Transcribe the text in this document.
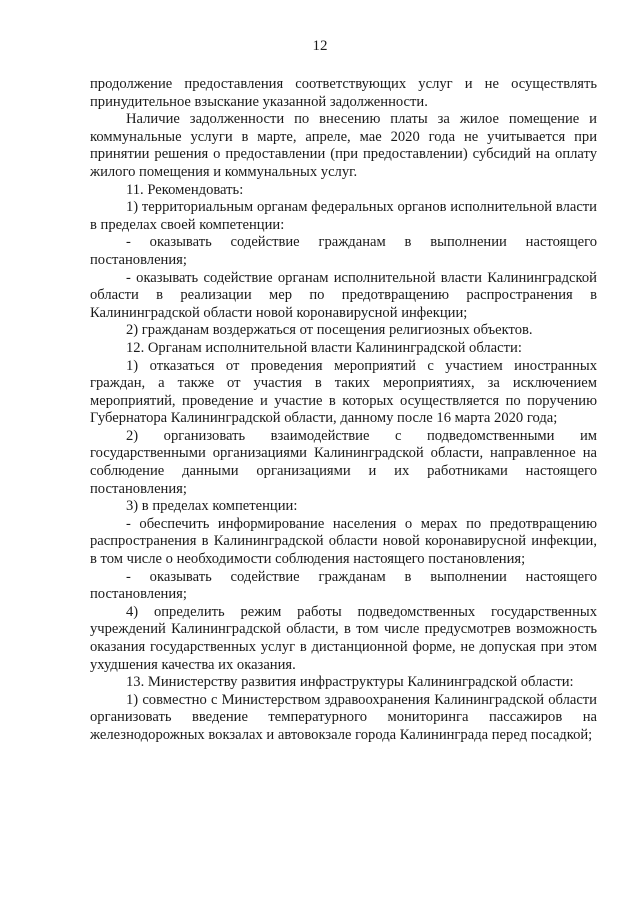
12

продолжение предоставления соответствующих услуг и не осуществлять принудительное взыскание указанной задолженности.

Наличие задолженности по внесению платы за жилое помещение и коммунальные услуги в марте, апреле, мае 2020 года не учитывается при принятии решения о предоставлении (при предоставлении) субсидий на оплату жилого помещения и коммунальных услуг.

11. Рекомендовать:

1) территориальным органам федеральных органов исполнительной власти в пределах своей компетенции:

- оказывать содействие гражданам в выполнении настоящего постановления;

- оказывать содействие органам исполнительной власти Калининградской области в реализации мер по предотвращению распространения в Калининградской области новой коронавирусной инфекции;

2) гражданам воздержаться от посещения религиозных объектов.

12. Органам исполнительной власти Калининградской области:

1) отказаться от проведения мероприятий с участием иностранных граждан, а также от участия в таких мероприятиях, за исключением мероприятий, проведение и участие в которых осуществляется по поручению Губернатора Калининградской области, данному после 16 марта 2020 года;

2) организовать взаимодействие с подведомственными им государственными организациями Калининградской области, направленное на соблюдение данными организациями и их работниками настоящего постановления;

3) в пределах компетенции:

- обеспечить информирование населения о мерах по предотвращению распространения в Калининградской области новой коронавирусной инфекции, в том числе о необходимости соблюдения настоящего постановления;

- оказывать содействие гражданам в выполнении настоящего постановления;

4) определить режим работы подведомственных государственных учреждений Калининградской области, в том числе предусмотрев возможность оказания государственных услуг в дистанционной форме, не допуская при этом ухудшения качества их оказания.

13. Министерству развития инфраструктуры Калининградской области:

1) совместно с Министерством здравоохранения Калининградской области организовать введение температурного мониторинга пассажиров на железнодорожных вокзалах и автовокзале города Калининграда перед посадкой;
